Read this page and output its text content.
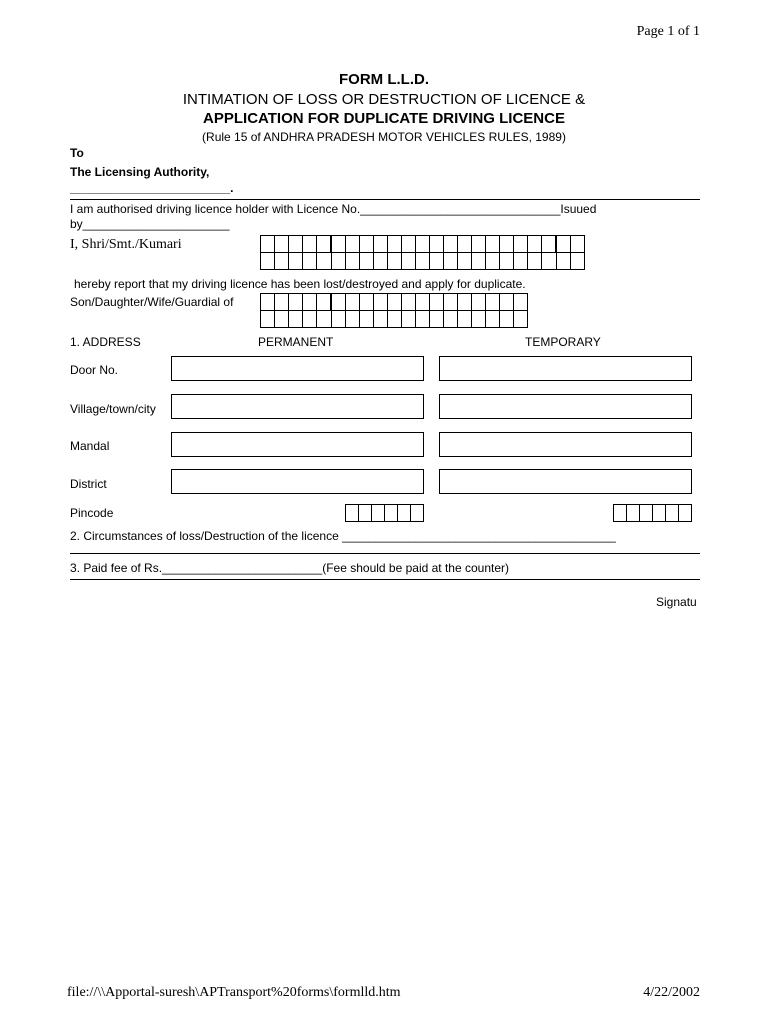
Page 1 of 1
FORM L.L.D.
INTIMATION OF LOSS OR DESTRUCTION OF LICENCE &
APPLICATION FOR DUPLICATE DRIVING LICENCE
(Rule 15 of ANDHRA PRADESH MOTOR VEHICLES RULES, 1989)
To
The Licensing Authority,
________________________.
I am authorised driving licence holder with Licence No.______________________________Isuued
by______________________
I, Shri/Smt./Kumari

hereby report that my driving licence has been lost/destroyed and apply for duplicate.
Son/Daughter/Wife/Guardial of

1. ADDRESS	PERMANENT	TEMPORARY
Door No.
Village/town/city
Mandal
District
Pincode

2. Circumstances of loss/Destruction of the licence _________________________________________
3. Paid fee of Rs.________________________(Fee should be paid at the counter)
Signatu
file://\\Apportal-suresh\APTransport%20forms\formlld.htm	4/22/2002
